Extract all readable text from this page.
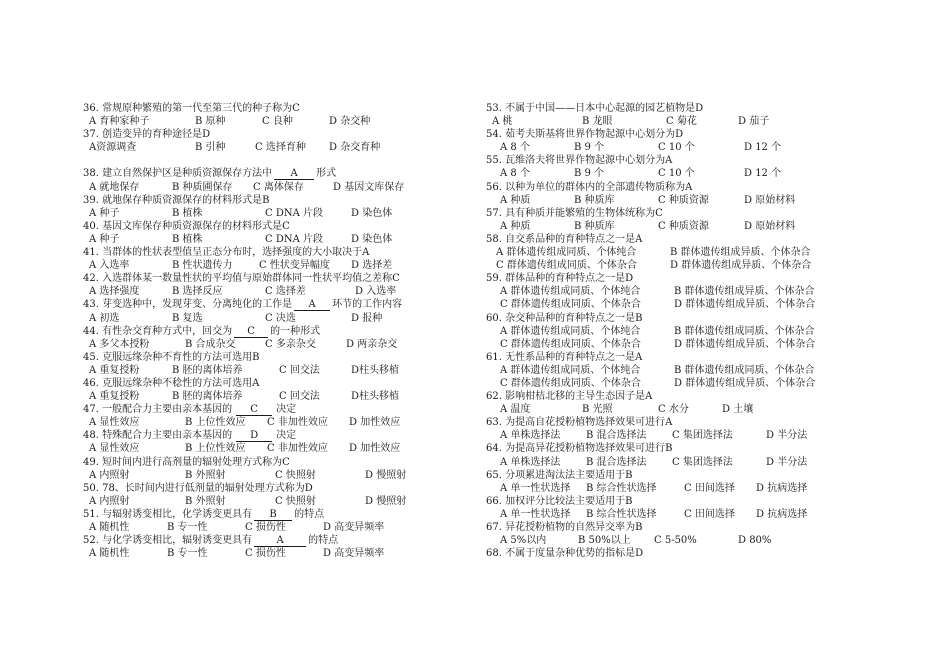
36. 常规原种繁殖的第一代至第三代的种子称为C
A 育种家种子	B 原种	C 良种	D 杂交种
37. 创造变异的育种途径是D
A资源调查	B 引种	C 选择育种 D 杂交育种
38. 建立自然保护区是种质资源保存方法中 A 形式
A 就地保存	B 种质圃保存 C 离体保存	D 基因文库保存
39. 就地保存种质资源保存的材料形式是B
A 种子	B 植株	C DNA 片段	D 染色体
40. 基因文库保存种质资源保存的材料形式是C
A 种子	B 植株	C DNA 片段	D 染色体
41. 当群体的性状表型值呈正态分布时，选择强度的大小取决于A
A 入选率	B 性状遗传力	C 性状变异幅度 D 选择差
42. 入选群体某一数量性状的平均值与原始群体同一性状平均值之差称C
A 选择强度	B 选择反应	C 选择差	D 入选率
43. 芽变选种中，发现芽变、分离纯化的工作是 A 环节的工作内容
A 初选	B 复选	C 决选	D 报种
44. 有性杂交育种方式中，回交为 C 的一种形式
A 多父本授粉	B 合成杂交	C 多亲杂交	D 两亲杂交
45. 克服远缘杂种不育性的方法可选用B
A 重复授粉	B 胚的离体培养	C 回交法	D柱头移植
46. 克服远缘杂种不稔性的方法可选用A
A 重复授粉	B 胚的离体培养	C 回交法	D柱头移植
47. 一般配合力主要由亲本基因的 C 决定
A 显性效应	B 上位性效应 C 非加性效应 D 加性效应
48. 特殊配合力主要由亲本基因的 D 决定
A 显性效应	B 上位性效应 C 非加性效应 D 加性效应
49. 短时间内进行高剂量的辐射处理方式称为C
A 内照射	B 外照射	C 快照射	D 慢照射
50. 78、长时间内进行低剂量的辐射处理方式称为D
A 内照射	B 外照射	C 快照射	D 慢照射
51. 与辐射诱变相比，化学诱变更具有 B 的特点
A 随机性	B 专一性	C 损伤性	D 高变异频率
52. 与化学诱变相比，辐射诱变更具有 A 的特点
A 随机性	B 专一性	C 损伤性	D 高变异频率
53. 不属于中国——日本中心起源的园艺植物是D
A 桃	B 龙眼	C 菊花	D 茄子
54. 茹考夫斯基将世界作物起源中心划分为D
A 8 个	B 9 个	C 10 个	D 12 个
55. 瓦维洛夫将世界作物起源中心划分为A
A 8 个	B 9 个	C 10 个	D 12 个
56. 以种为单位的群体内的全部遗传物质称为A
A 种质	B 种质库	C 种质资源	D 原始材料
57. 具有种质并能繁殖的生物体统称为C
A 种质	B 种质库	C 种质资源	D 原始材料
58. 自交系品种的育种特点之一是A
A 群体遗传组成同质、个体纯合	B 群体遗传组成异质、个体杂合
C 群体遗传组成同质、个体杂合	D 群体遗传组成异质、个体杂合
59. 群体品种的育种特点之一是D
A 群体遗传组成同质、个体纯合	B 群体遗传组成异质、个体杂合
C 群体遗传组成同质、个体杂合	D 群体遗传组成异质、个体杂合
60. 杂交种品种的育种特点之一是B
A 群体遗传组成同质、个体纯合	B 群体遗传组成同质、个体杂合
C 群体遗传组成同质、个体杂合	D 群体遗传组成异质、个体杂合
61. 无性系品种的育种特点之一是A
A 群体遗传组成同质、个体纯合	B 群体遗传组成同质、个体杂合
C 群体遗传组成同质、个体杂合	D 群体遗传组成异质、个体杂合
62. 影响柑桔北移的主导生态因子是A
A 温度	B 光照	C 水分	D 土壤
63. 为提高自花授粉植物选择效果可进行A
A 单株选择法	B 混合选择法	C 集团选择法	D 半分法
64. 为提高异花授粉植物选择效果可进行B
A 单株选择法	B 混合选择法	C 集团选择法	D 半分法
65. 分项累进淘汰法主要适用于B
A 单一性状选择 B 综合性状选择	C 田间选择 D 抗病选择
66. 加权评分比较法主要适用于B
A 单一性状选择 B 综合性状选择	C 田间选择 D 抗病选择
67. 异花授粉植物的自然异交率为B
A 5%以内	B 50%以上 C 5-50%	D 80%
68. 不属于度量杂种优势的指标是D
